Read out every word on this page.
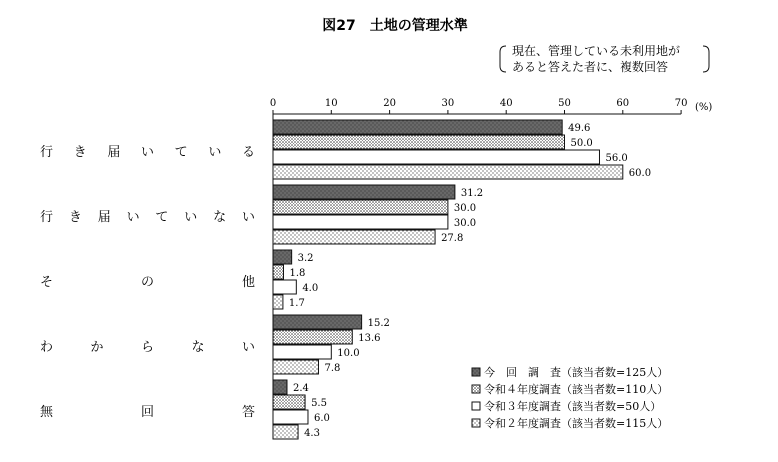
図27　土地の管理水準
現在、管理している未利用地が
あると答えた者に、複数回答
0	10	20	30	40	50	60	70 (%)
行き届いている
行き届いていない
その他
わからない
無回答
49.6
50.0
56.0
60.0
31.2
30.0
30.0
27.8
3.2
1.8
4.0
1.7
15.2
13.6
10.0
7.8
2.4
5.5
6.0
4.3
今　回　調　査（該当者数=125人）
令和４年度調査（該当者数=110人）
令和３年度調査（該当者数=50人）
令和２年度調査（該当者数=115人）
